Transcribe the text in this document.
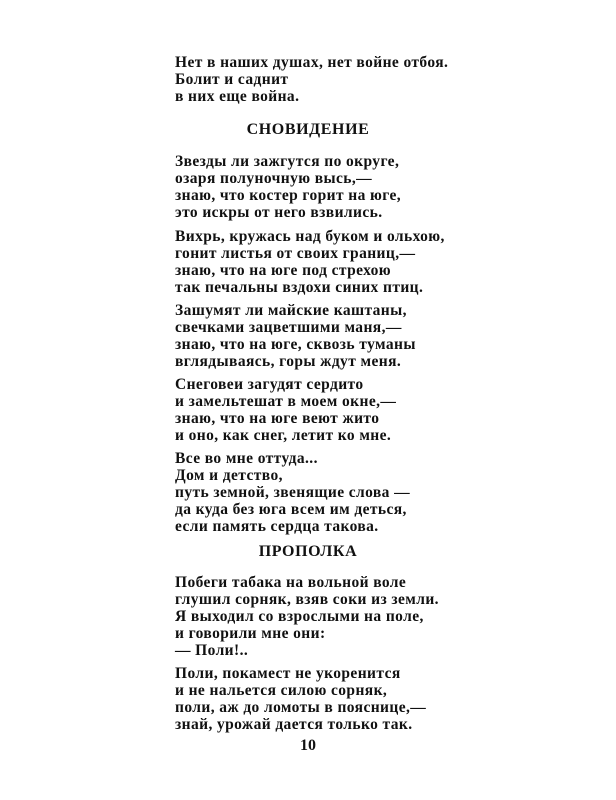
Нет в наших душах, нет войне отбоя.
Болит и саднит
в них еще война.
СНОВИДЕНИЕ
Звезды ли зажгутся по округе,
озаря полуночную высь,—
знаю, что костер горит на юге,
это искры от него взвились.
Вихрь, кружась над буком и ольхою,
гонит листья от своих границ,—
знаю, что на юге под стрехою
так печальны вздохи синих птиц.
Зашумят ли майские каштаны,
свечками зацветшими маня,—
знаю, что на юге, сквозь туманы
вглядываясь, горы ждут меня.
Снеговеи загудят сердито
и замельтешат в моем окне,—
знаю, что на юге веют жито
и оно, как снег, летит ко мне.
Все во мне оттуда...
Дом и детство,
путь земной, звенящие слова —
да куда без юга всем им деться,
если память сердца такова.
ПРОПОЛКА
Побеги табака на вольной воле
глушил сорняк, взяв соки из земли.
Я выходил со взрослыми на поле,
и говорили мне они:
— Поли!..
Поли, покамест не укоренится
и не нальется силою сорняк,
поли, аж до ломоты в пояснице,—
знай, урожай дается только так.
10
